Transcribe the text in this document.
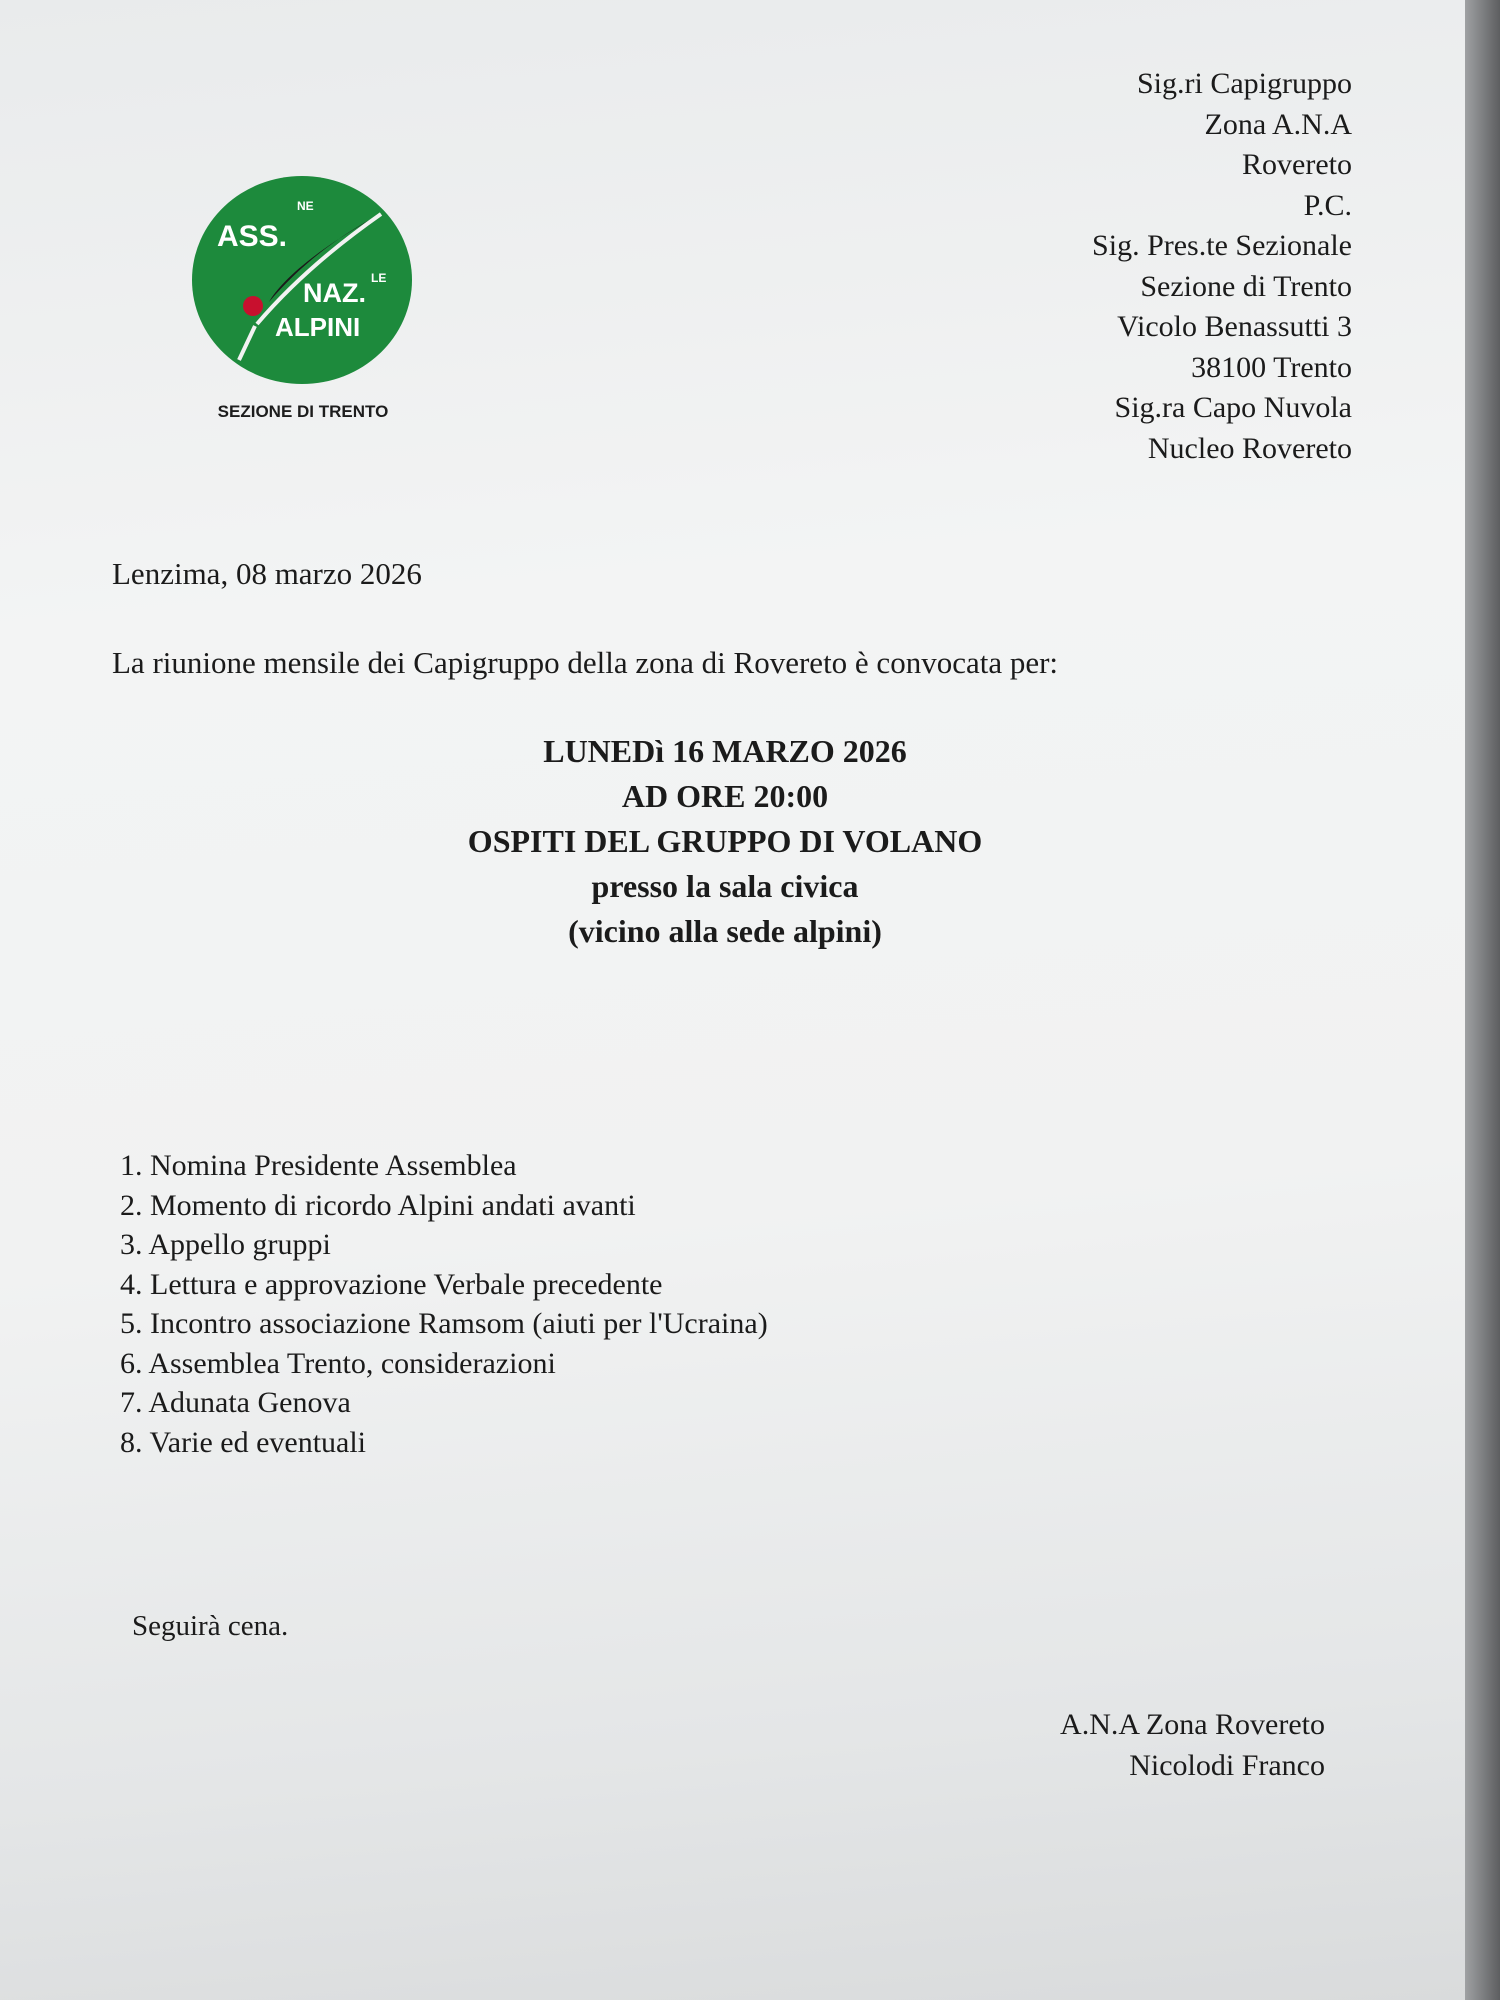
ASS.
NE
NAZ. LE
ALPINI
SEZIONE DI TRENTO
Sig.ri Capigruppo
Zona A.N.A
Rovereto
P.C.
Sig. Pres.te Sezionale
Sezione di Trento
Vicolo Benassutti 3
38100 Trento
Sig.ra Capo Nuvola
Nucleo Rovereto
Lenzima, 08 marzo 2026
La riunione mensile dei Capigruppo della zona di Rovereto è convocata per:
LUNEDì 16 MARZO 2026
AD ORE 20:00
OSPITI DEL GRUPPO DI VOLANO
presso la sala civica
(vicino alla sede alpini)
1. Nomina Presidente Assemblea
2. Momento di ricordo Alpini andati avanti
3. Appello gruppi
4. Lettura e approvazione Verbale precedente
5. Incontro associazione Ramsom (aiuti per l'Ucraina)
6. Assemblea Trento, considerazioni
7. Adunata Genova
8. Varie ed eventuali
Seguirà cena.
A.N.A Zona Rovereto
Nicolodi Franco
